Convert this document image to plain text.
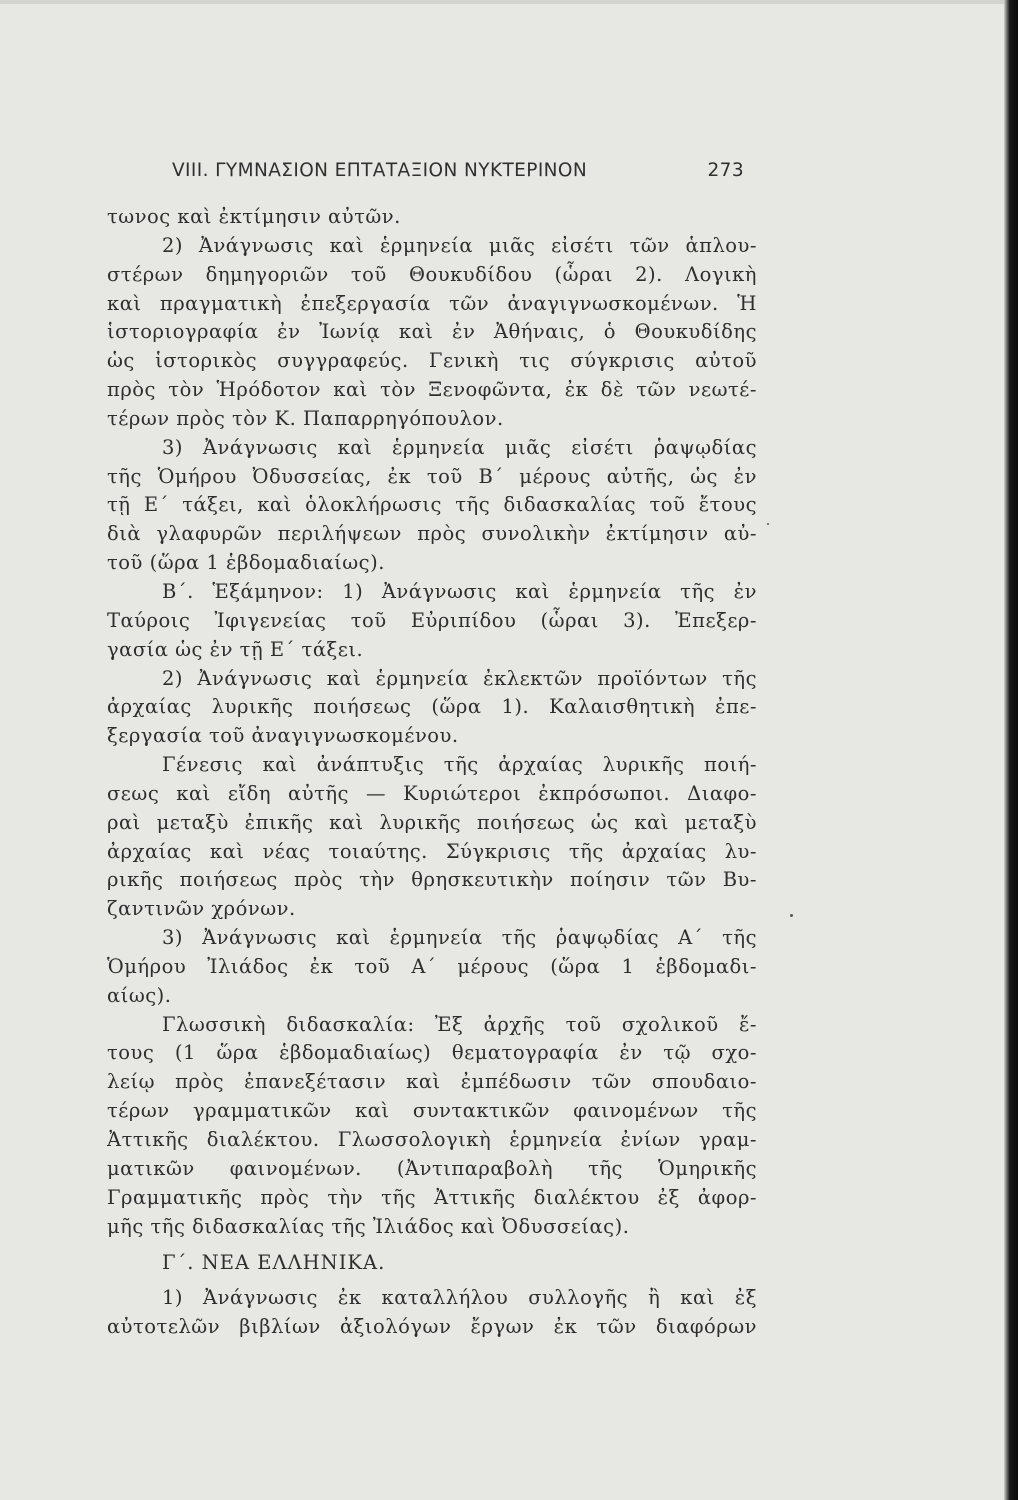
VIII. ΓΥΜΝΑΣΙΟΝ ΕΠΤΑΤΑΞΙΟΝ ΝΥΚΤΕΡΙΝΟΝ	273
τωνος καὶ ἐκτίμησιν αὐτῶν.
2) Ἀνάγνωσις καὶ ἑρμηνεία μιᾶς εἰσέτι τῶν ἁπλου-
στέρων δημηγοριῶν τοῦ Θουκυδίδου (ὧραι 2). Λογικὴ
καὶ πραγματικὴ ἐπεξεργασία τῶν ἀναγιγνωσκομένων. Ἡ
ἱστοριογραφία ἐν Ἰωνίᾳ καὶ ἐν Ἀθήναις, ὁ Θουκυδίδης
ὡς ἱστορικὸς συγγραφεύς. Γενικὴ τις σύγκρισις αὐτοῦ
πρὸς τὸν Ἡρόδοτον καὶ τὸν Ξενοφῶντα, ἐκ δὲ τῶν νεωτέ-
τέρων πρὸς τὸν Κ. Παπαρρηγόπουλον.
3) Ἀνάγνωσις καὶ ἑρμηνεία μιᾶς εἰσέτι ῥαψῳδίας
τῆς Ὁμήρου Ὀδυσσείας, ἐκ τοῦ Β΄ μέρους αὐτῆς, ὡς ἐν
τῇ Ε΄ τάξει, καὶ ὁλοκλήρωσις τῆς διδασκαλίας τοῦ ἔτους
διὰ γλαφυρῶν περιλήψεων πρὸς συνολικὴν ἐκτίμησιν αὐ-
τοῦ (ὥρα 1 ἑβδομαδιαίως).
Β΄. Ἑξάμηνον: 1) Ἀνάγνωσις καὶ ἑρμηνεία τῆς ἐν
Ταύροις Ἰφιγενείας τοῦ Εὐριπίδου (ὧραι 3). Ἐπεξερ-
γασία ὡς ἐν τῇ Ε΄ τάξει.
2) Ἀνάγνωσις καὶ ἑρμηνεία ἐκλεκτῶν προϊόντων τῆς
ἀρχαίας λυρικῆς ποιήσεως (ὥρα 1). Καλαισθητικὴ ἐπε-
ξεργασία τοῦ ἀναγιγνωσκομένου.
Γένεσις καὶ ἀνάπτυξις τῆς ἀρχαίας λυρικῆς ποιή-
σεως καὶ εἴδη αὐτῆς — Κυριώτεροι ἐκπρόσωποι. Διαφο-
ραὶ μεταξὺ ἐπικῆς καὶ λυρικῆς ποιήσεως ὡς καὶ μεταξὺ
ἀρχαίας καὶ νέας τοιαύτης. Σύγκρισις τῆς ἀρχαίας λυ-
ρικῆς ποιήσεως πρὸς τὴν θρησκευτικὴν ποίησιν τῶν Βυ-
ζαντινῶν χρόνων.
3) Ἀνάγνωσις καὶ ἑρμηνεία τῆς ῥαψῳδίας Α΄ τῆς
Ὁμήρου Ἰλιάδος ἐκ τοῦ Α΄ μέρους (ὥρα 1 ἑβδομαδι-
αίως).
Γλωσσικὴ διδασκαλία: Ἐξ ἀρχῆς τοῦ σχολικοῦ ἔ-
τους (1 ὥρα ἑβδομαδιαίως) θεματογραφία ἐν τῷ σχο-
λείῳ πρὸς ἐπανεξέτασιν καὶ ἐμπέδωσιν τῶν σπουδαιο-
τέρων γραμματικῶν καὶ συντακτικῶν φαινομένων τῆς
Ἀττικῆς διαλέκτου. Γλωσσολογικὴ ἑρμηνεία ἐνίων γραμ-
ματικῶν φαινομένων. (Ἀντιπαραβολὴ τῆς Ὁμηρικῆς
Γραμματικῆς πρὸς τὴν τῆς Ἀττικῆς διαλέκτου ἐξ ἀφορ-
μῆς τῆς διδασκαλίας τῆς Ἰλιάδος καὶ Ὀδυσσείας).
Γ΄. ΝΕΑ ΕΛΛΗΝΙΚΑ.
1) Ἀνάγνωσις ἐκ καταλλήλου συλλογῆς ἢ καὶ ἐξ
αὐτοτελῶν βιβλίων ἀξιολόγων ἔργων ἐκ τῶν διαφόρων
